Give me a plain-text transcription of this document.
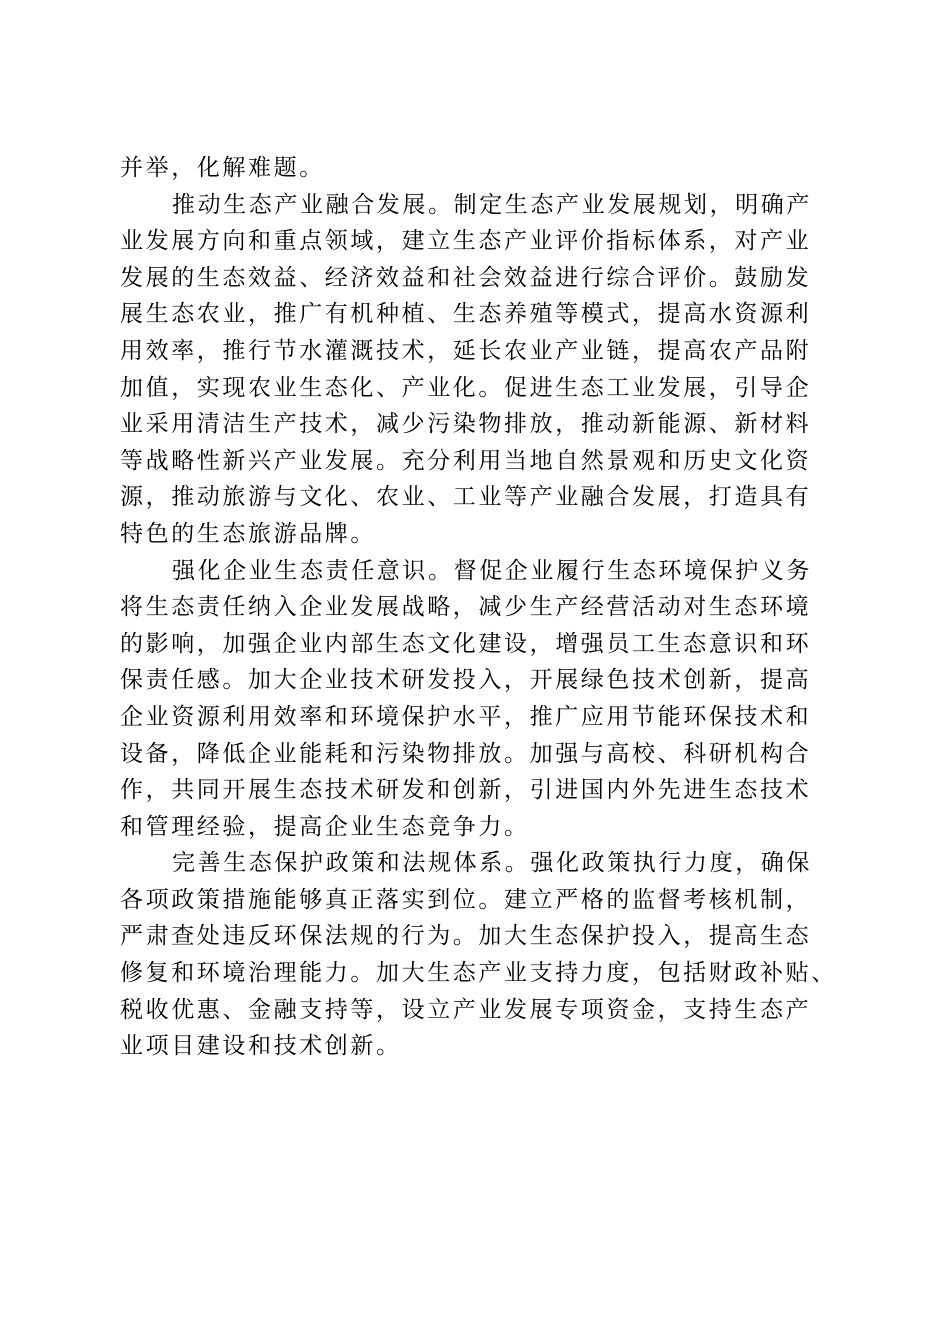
并举，化解难题。
推动生态产业融合发展。制定生态产业发展规划，明确产
业发展方向和重点领域，建立生态产业评价指标体系，对产业
发展的生态效益、经济效益和社会效益进行综合评价。鼓励发
展生态农业，推广有机种植、生态养殖等模式，提高水资源利
用效率，推行节水灌溉技术，延长农业产业链，提高农产品附
加值，实现农业生态化、产业化。促进生态工业发展，引导企
业采用清洁生产技术，减少污染物排放，推动新能源、新材料
等战略性新兴产业发展。充分利用当地自然景观和历史文化资
源，推动旅游与文化、农业、工业等产业融合发展，打造具有
特色的生态旅游品牌。
强化企业生态责任意识。督促企业履行生态环境保护义务
将生态责任纳入企业发展战略，减少生产经营活动对生态环境
的影响，加强企业内部生态文化建设，增强员工生态意识和环
保责任感。加大企业技术研发投入，开展绿色技术创新，提高
企业资源利用效率和环境保护水平，推广应用节能环保技术和
设备，降低企业能耗和污染物排放。加强与高校、科研机构合
作，共同开展生态技术研发和创新，引进国内外先进生态技术
和管理经验，提高企业生态竞争力。
完善生态保护政策和法规体系。强化政策执行力度，确保
各项政策措施能够真正落实到位。建立严格的监督考核机制，
严肃查处违反环保法规的行为。加大生态保护投入，提高生态
修复和环境治理能力。加大生态产业支持力度，包括财政补贴、
税收优惠、金融支持等，设立产业发展专项资金，支持生态产
业项目建设和技术创新。
